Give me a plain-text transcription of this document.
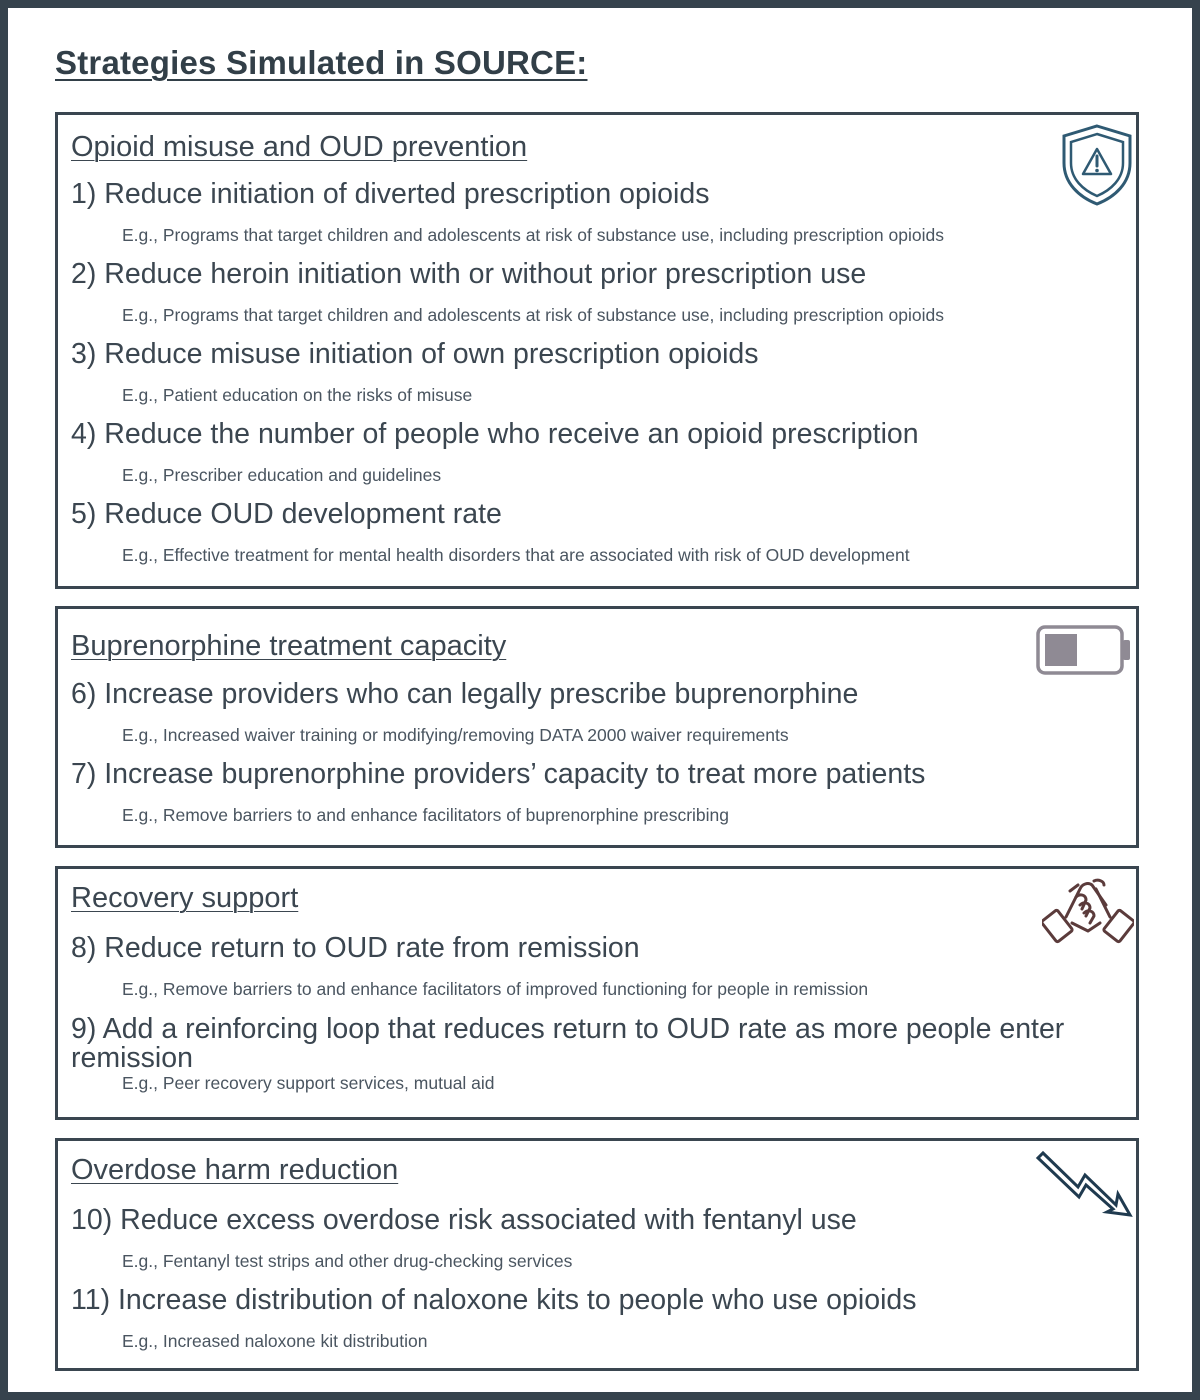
Strategies Simulated in SOURCE:
Opioid misuse and OUD prevention

1) Reduce initiation of diverted prescription opioids

E.g., Programs that target children and adolescents at risk of substance use, including prescription opioids

2) Reduce heroin initiation with or without prior prescription use

E.g., Programs that target children and adolescents at risk of substance use, including prescription opioids

3) Reduce misuse initiation of own prescription opioids

E.g., Patient education on the risks of misuse

4) Reduce the number of people who receive an opioid prescription

E.g., Prescriber education and guidelines

5) Reduce OUD development rate

E.g., Effective treatment for mental health disorders that are associated with risk of OUD development

Buprenorphine treatment capacity

6) Increase providers who can legally prescribe buprenorphine

E.g., Increased waiver training or modifying/removing DATA 2000 waiver requirements

7) Increase buprenorphine providers’ capacity to treat more patients

E.g., Remove barriers to and enhance facilitators of buprenorphine prescribing

Recovery support

8) Reduce return to OUD rate from remission

E.g., Remove barriers to and enhance facilitators of improved functioning for people in remission

9) Add a reinforcing loop that reduces return to OUD rate as more people enter remission

E.g., Peer recovery support services, mutual aid

Overdose harm reduction

10) Reduce excess overdose risk associated with fentanyl use

E.g., Fentanyl test strips and other drug-checking services

11) Increase distribution of naloxone kits to people who use opioids

E.g., Increased naloxone kit distribution
